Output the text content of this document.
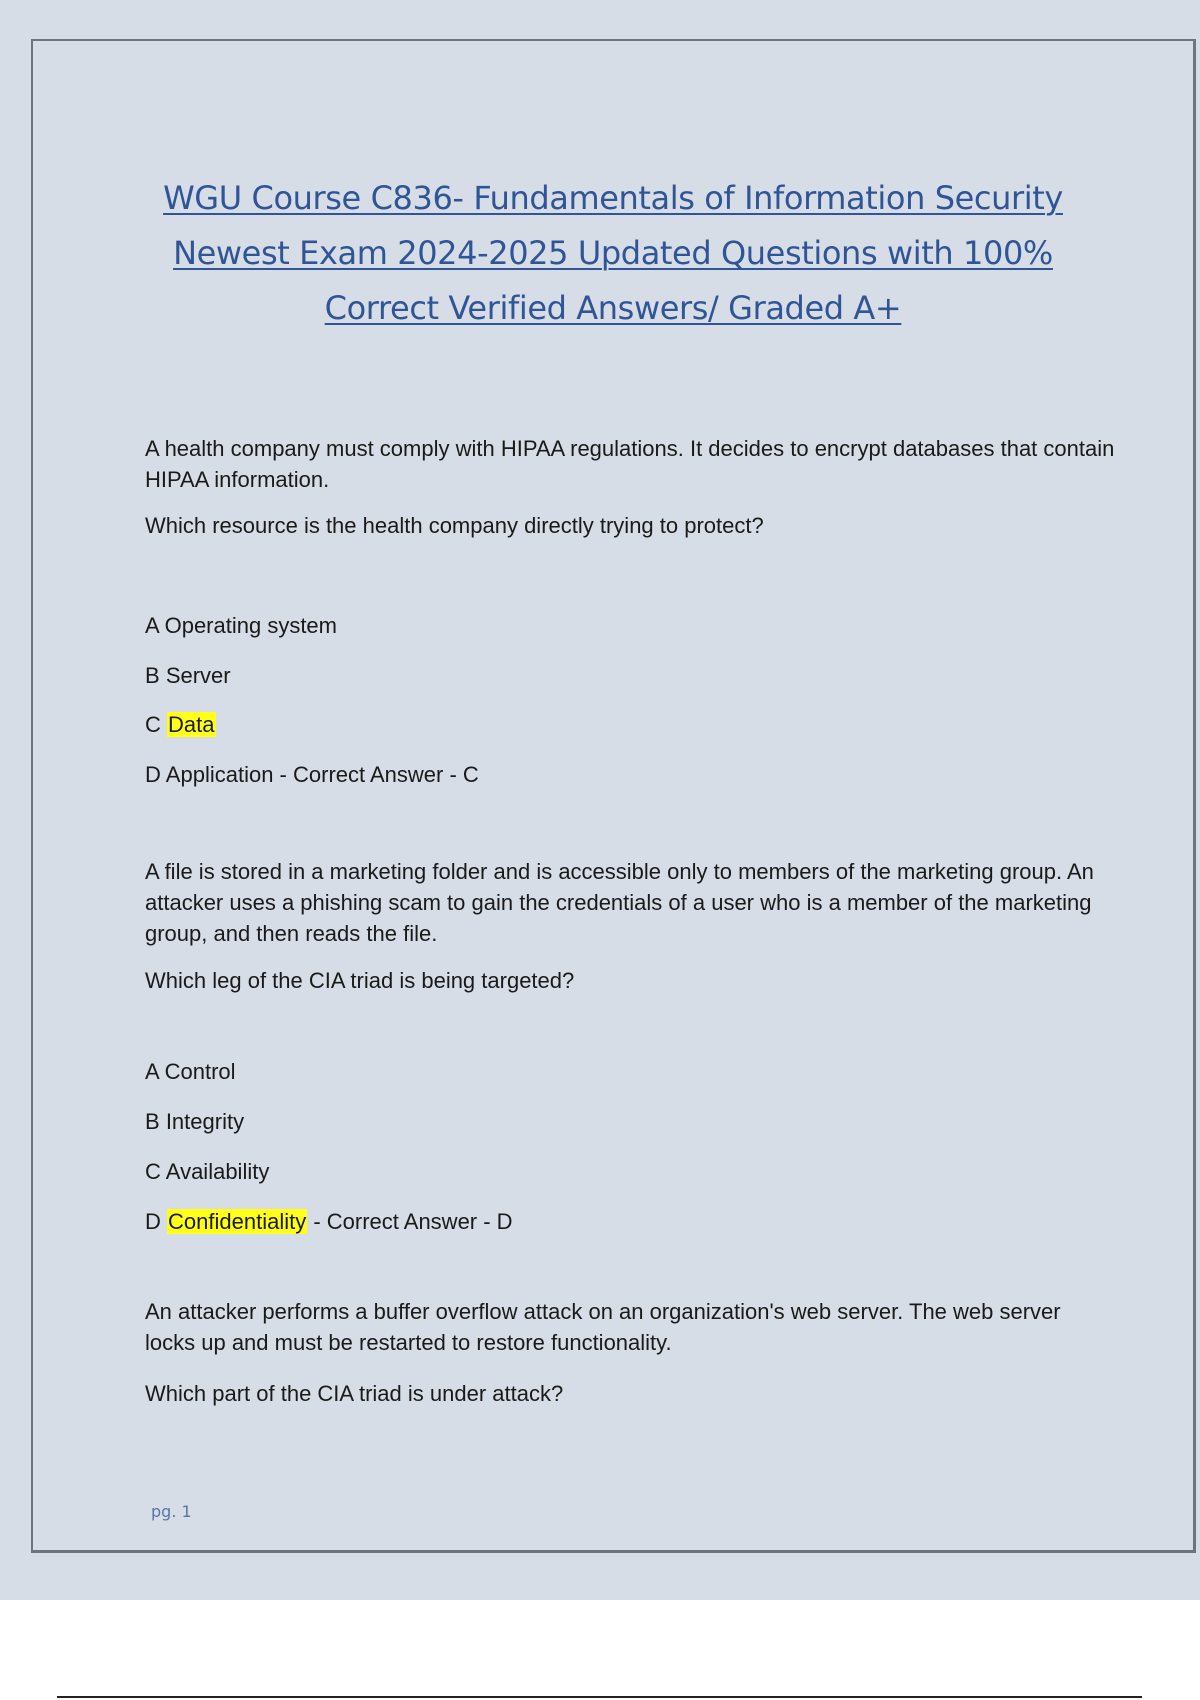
WGU Course C836- Fundamentals of Information Security
Newest Exam 2024-2025 Updated Questions with 100%
Correct Verified Answers/ Graded A+
A health company must comply with HIPAA regulations. It decides to encrypt databases that contain HIPAA information.
Which resource is the health company directly trying to protect?
A Operating system
B Server
C Data
D Application - Correct Answer - C
A file is stored in a marketing folder and is accessible only to members of the marketing group. An attacker uses a phishing scam to gain the credentials of a user who is a member of the marketing group, and then reads the file.
Which leg of the CIA triad is being targeted?
A Control
B Integrity
C Availability
D Confidentiality - Correct Answer - D
An attacker performs a buffer overflow attack on an organization's web server. The web server locks up and must be restarted to restore functionality.
Which part of the CIA triad is under attack?
pg. 1
